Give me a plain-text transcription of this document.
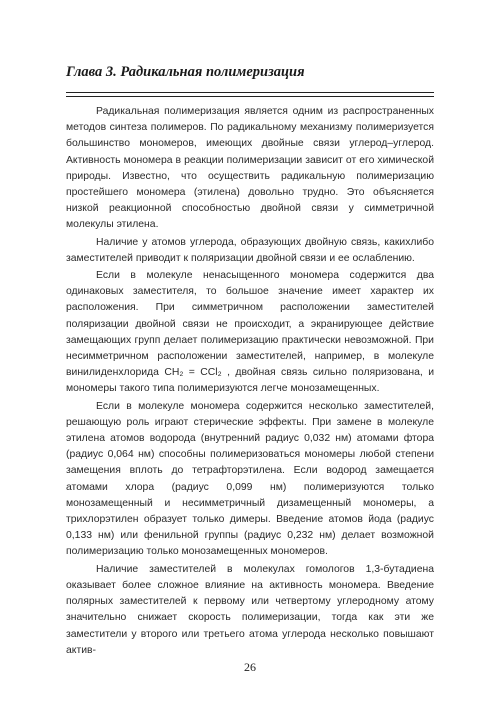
Глава 3. Радикальная полимеризация

Радикальная полимеризация является одним из распространенных методов синтеза полимеров. По радикальному механизму полимеризуется большинство мономеров, имеющих двойные связи углерод–углерод. Активность мономера в реакции полимеризации зависит от его химической природы. Известно, что осуществить радикальную полимеризацию простейшего мономера (этилена) довольно трудно. Это объясняется низкой реакционной способностью двойной связи у симметричной молекулы этилена.

Наличие у атомов углерода, образующих двойную связь, какихлибо заместителей приводит к поляризации двойной связи и ее ослаблению.

Если в молекуле ненасыщенного мономера содержится два одинаковых заместителя, то большое значение имеет характер их расположения. При симметричном расположении заместителей поляризации двойной связи не происходит, а экранирующее действие замещающих групп делает полимеризацию практически невозможной. При несимметричном расположении заместителей, например, в молекуле винилиденхлорида CH₂ = CCl₂ , двойная связь сильно поляризована, и мономеры такого типа полимеризуются легче монозамещенных.

Если в молекуле мономера содержится несколько заместителей, решающую роль играют стерические эффекты. При замене в молекуле этилена атомов водорода (внутренний радиус 0,032 нм) атомами фтора (радиус 0,064 нм) способны полимеризоваться мономеры любой степени замещения вплоть до тетрафторэтилена. Если водород замещается атомами хлора (радиус 0,099 нм) полимеризуются только монозамещенный и несимметричный дизамещенный мономеры, а трихлорэтилен образует только димеры. Введение атомов йода (радиус 0,133 нм) или фенильной группы (радиус 0,232 нм) делает возможной полимеризацию только монозамещенных мономеров.

Наличие заместителей в молекулах гомологов 1,3-бутадиена оказывает более сложное влияние на активность мономера. Введение полярных заместителей к первому или четвертому углеродному атому значительно снижает скорость полимеризации, тогда как эти же заместители у второго или третьего атома углерода несколько повышают актив-

26
